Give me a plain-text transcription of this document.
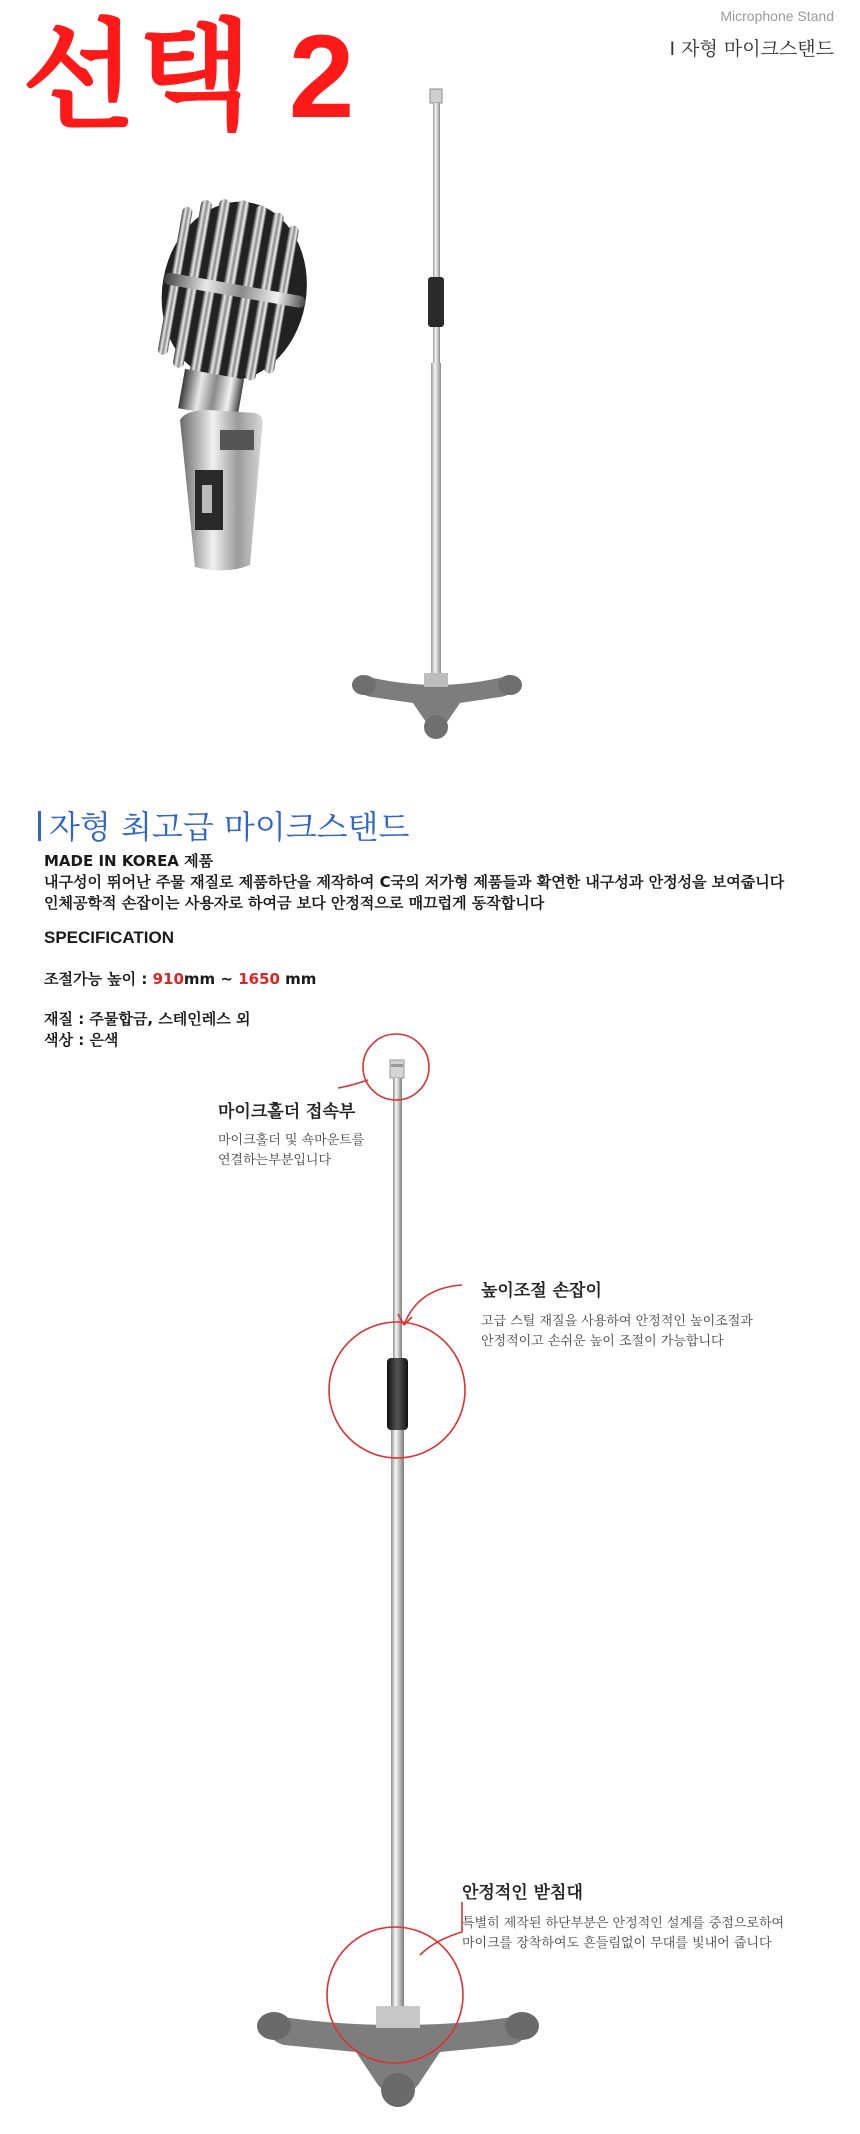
선택 2	Microphone Stand
I 자형 마이크스탠드
자형 최고급 마이크스탠드
MADE IN KOREA 제품
내구성이 뛰어난 주물 재질로 제품하단을 제작하여 C국의 저가형 제품들과 확연한 내구성과 안정성을 보여줍니다
인체공학적 손잡이는 사용자로 하여금 보다 안정적으로 매끄럽게 동작합니다
SPECIFICATION
조절가능 높이 : 910mm ~ 1650 mm
재질 : 주물합금, 스테인레스 외
색상 : 은색
마이크홀더 접속부
마이크홀더 및 쇽마운트를
연결하는부분입니다
높이조절 손잡이
고급 스틸 재질을 사용하여 안정적인 높이조절과
안정적이고 손쉬운 높이 조절이 가능합니다
안정적인 받침대
특별히 제작된 하단부분은 안정적인 설계를 중점으로하여
마이크를 장착하여도 흔들림없이 무대를 빛내어 줍니다
